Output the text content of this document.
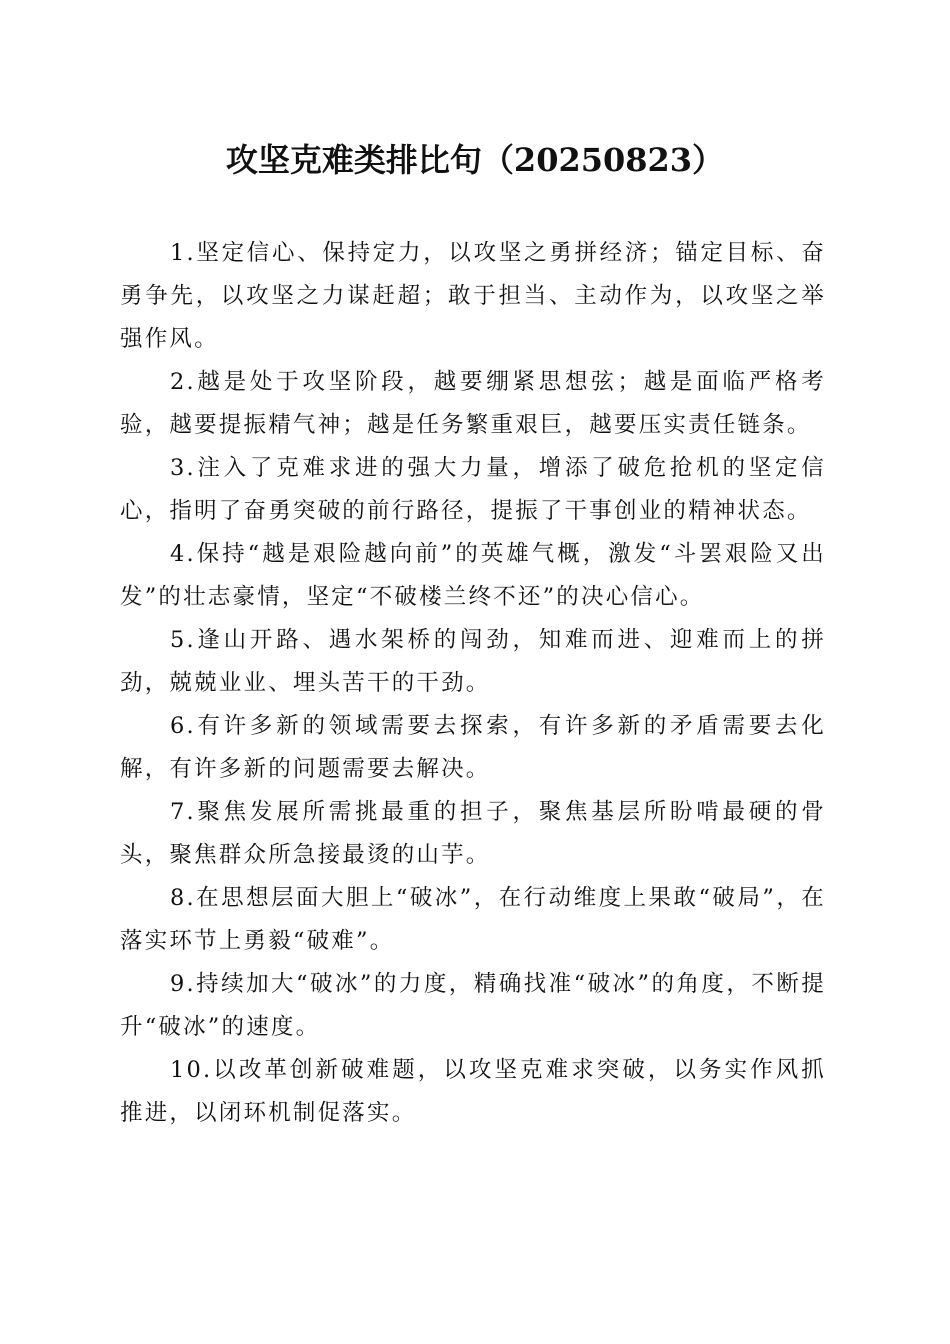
攻坚克难类排比句（20250823）

1.坚定信心、保持定力，以攻坚之勇拼经济；锚定目标、奋勇争先，以攻坚之力谋赶超；敢于担当、主动作为，以攻坚之举强作风。

2.越是处于攻坚阶段，越要绷紧思想弦；越是面临严格考验，越要提振精气神；越是任务繁重艰巨，越要压实责任链条。

3.注入了克难求进的强大力量，增添了破危抢机的坚定信心，指明了奋勇突破的前行路径，提振了干事创业的精神状态。

4.保持“越是艰险越向前”的英雄气概，激发“斗罢艰险又出发”的壮志豪情，坚定“不破楼兰终不还”的决心信心。

5.逢山开路、遇水架桥的闯劲，知难而进、迎难而上的拼劲，兢兢业业、埋头苦干的干劲。

6.有许多新的领域需要去探索，有许多新的矛盾需要去化解，有许多新的问题需要去解决。

7.聚焦发展所需挑最重的担子，聚焦基层所盼啃最硬的骨头，聚焦群众所急接最烫的山芋。

8.在思想层面大胆上“破冰”，在行动维度上果敢“破局”，在落实环节上勇毅“破难”。

9.持续加大“破冰”的力度，精确找准“破冰”的角度，不断提升“破冰”的速度。

10.以改革创新破难题，以攻坚克难求突破，以务实作风抓推进，以闭环机制促落实。
